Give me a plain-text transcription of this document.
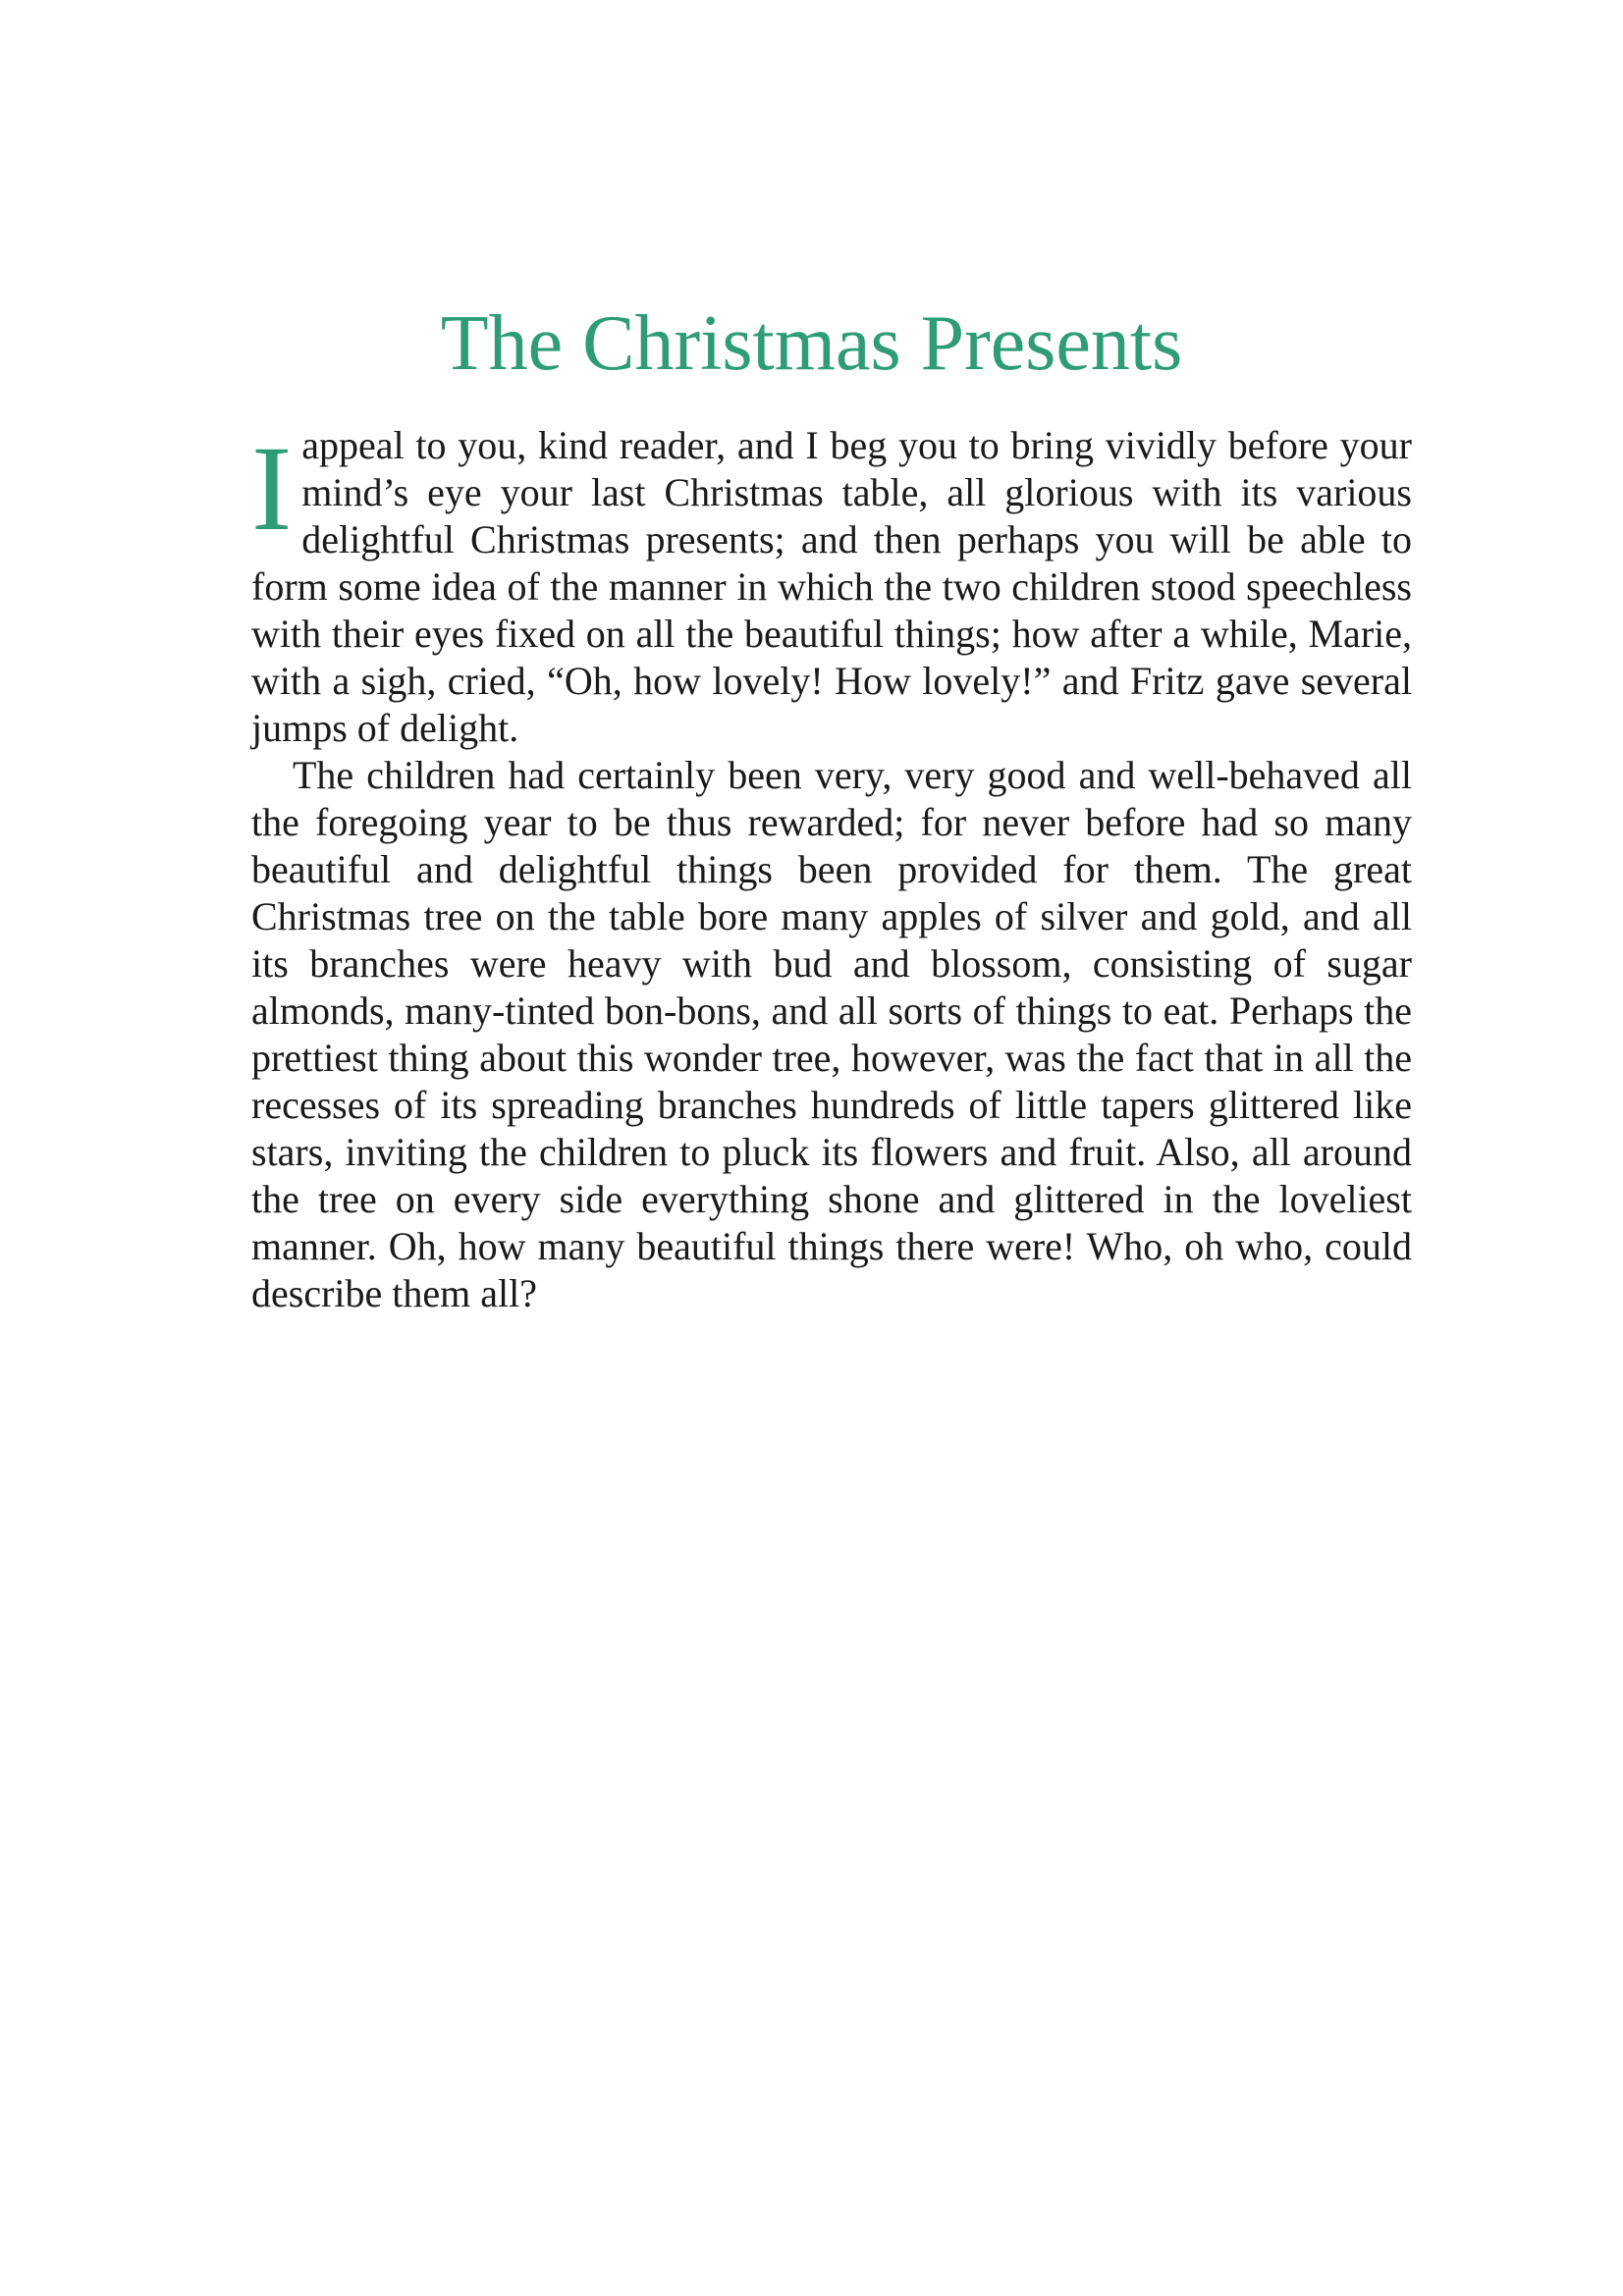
The Christmas Presents

Iappeal to you, kind reader, and I beg you to bring vividly before your mind’s eye your last Christmas table, all glorious with its various delightful Christmas presents; and then perhaps you will be able to form some idea of the manner in which the two children stood speechless with their eyes fixed on all the beautiful things; how after a while, Marie, with a sigh, cried, “Oh, how lovely! How lovely!” and Fritz gave several jumps of delight.

The children had certainly been very, very good and well-behaved all the foregoing year to be thus rewarded; for never before had so many beautiful and delightful things been provided for them. The great Christmas tree on the table bore many apples of silver and gold, and all its branches were heavy with bud and blossom, consisting of sugar almonds, many-tinted bon-bons, and all sorts of things to eat. Perhaps the prettiest thing about this wonder tree, however, was the fact that in all the recesses of its spreading branches hundreds of little tapers glittered like stars, inviting the children to pluck its flowers and fruit. Also, all around the tree on every side everything shone and glittered in the loveliest manner. Oh, how many beautiful things there were! Who, oh who, could describe them all?
